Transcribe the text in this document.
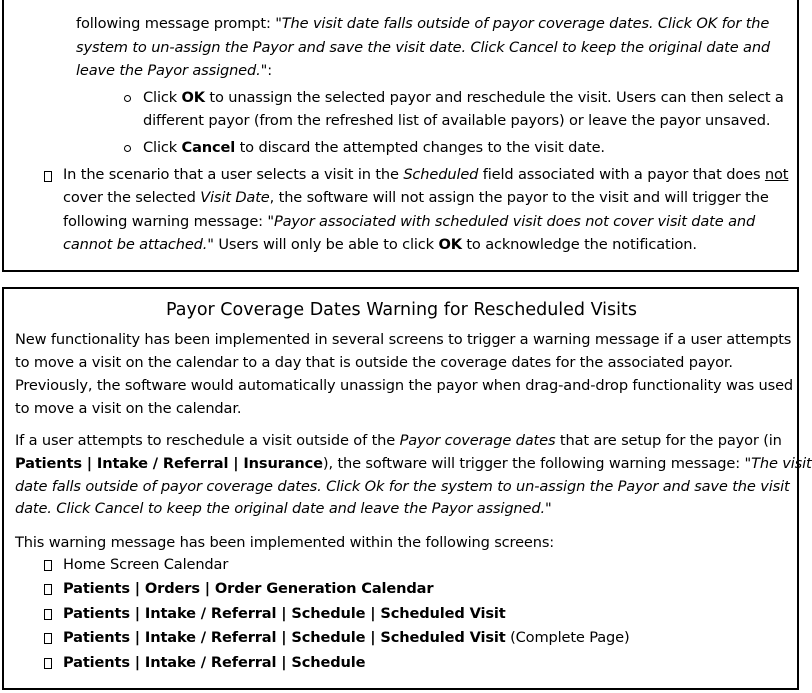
following message prompt: "The visit date falls outside of payor coverage dates. Click OK for the
system to un-assign the Payor and save the visit date. Click Cancel to keep the original date and
leave the Payor assigned.":
Click OK to unassign the selected payor and reschedule the visit. Users can then select a
different payor (from the refreshed list of available payors) or leave the payor unsaved.
Click Cancel to discard the attempted changes to the visit date.
In the scenario that a user selects a visit in the Scheduled field associated with a payor that does not
cover the selected Visit Date, the software will not assign the payor to the visit and will trigger the
following warning message: "Payor associated with scheduled visit does not cover visit date and
cannot be attached." Users will only be able to click OK to acknowledge the notification.
Payor Coverage Dates Warning for Rescheduled Visits
New functionality has been implemented in several screens to trigger a warning message if a user attempts
to move a visit on the calendar to a day that is outside the coverage dates for the associated payor.
Previously, the software would automatically unassign the payor when drag-and-drop functionality was used
to move a visit on the calendar.
If a user attempts to reschedule a visit outside of the Payor coverage dates that are setup for the payor (in
Patients | Intake / Referral | Insurance), the software will trigger the following warning message: "The visit
date falls outside of payor coverage dates. Click Ok for the system to un-assign the Payor and save the visit
date. Click Cancel to keep the original date and leave the Payor assigned."
This warning message has been implemented within the following screens:
Home Screen Calendar
Patients | Orders | Order Generation Calendar
Patients | Intake / Referral | Schedule | Scheduled Visit
Patients | Intake / Referral | Schedule | Scheduled Visit (Complete Page)
Patients | Intake / Referral | Schedule
